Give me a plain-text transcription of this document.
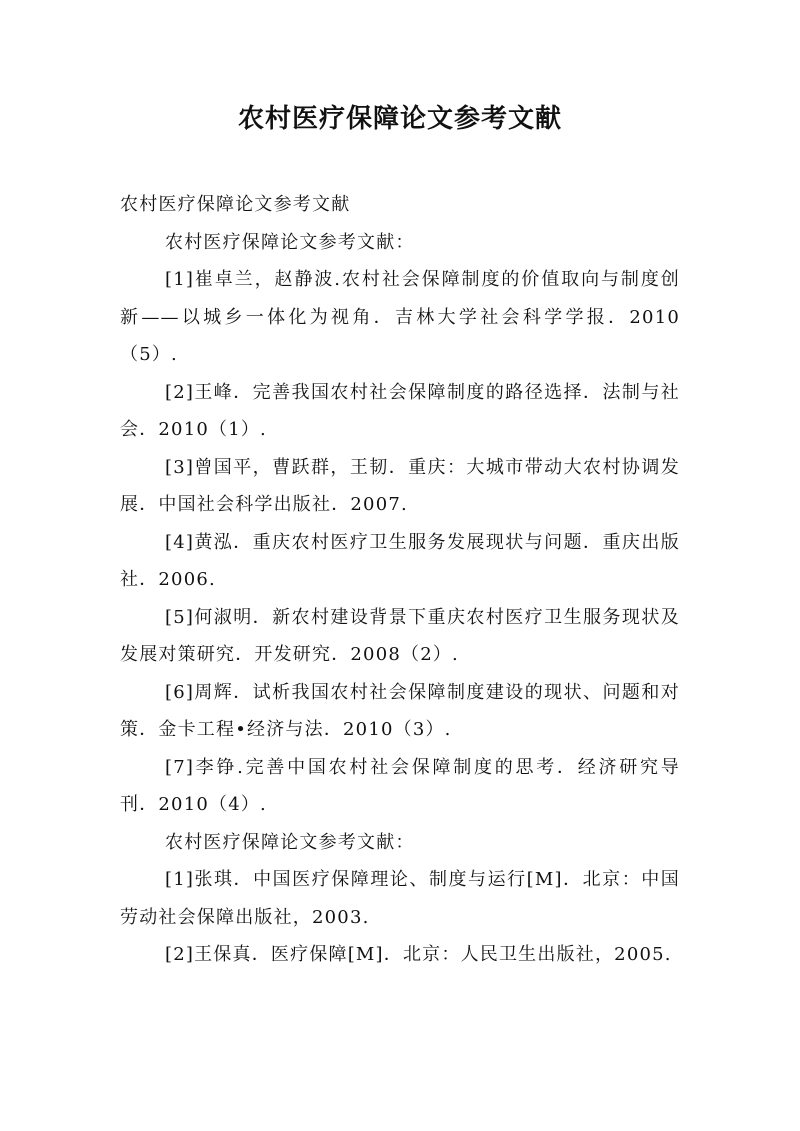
农村医疗保障论文参考文献

农村医疗保障论文参考文献

农村医疗保障论文参考文献：

[1]崔卓兰，赵静波.农村社会保障制度的价值取向与制度创新——以城乡一体化为视角．吉林大学社会科学学报．2010（5）.

[2]王峰．完善我国农村社会保障制度的路径选择．法制与社会．2010（1）.

[3]曾国平，曹跃群，王韧．重庆：大城市带动大农村协调发展．中国社会科学出版社．2007.

[4]黄泓．重庆农村医疗卫生服务发展现状与问题．重庆出版社．2006.

[5]何淑明．新农村建设背景下重庆农村医疗卫生服务现状及发展对策研究．开发研究．2008（2）.

[6]周辉．试析我国农村社会保障制度建设的现状、问题和对策．金卡工程•经济与法．2010（3）.

[7]李铮.完善中国农村社会保障制度的思考．经济研究导刊．2010（4）.

农村医疗保障论文参考文献：

[1]张琪．中国医疗保障理论、制度与运行[M]．北京：中国劳动社会保障出版社，2003.

[2]王保真．医疗保障[M]．北京：人民卫生出版社，2005.
